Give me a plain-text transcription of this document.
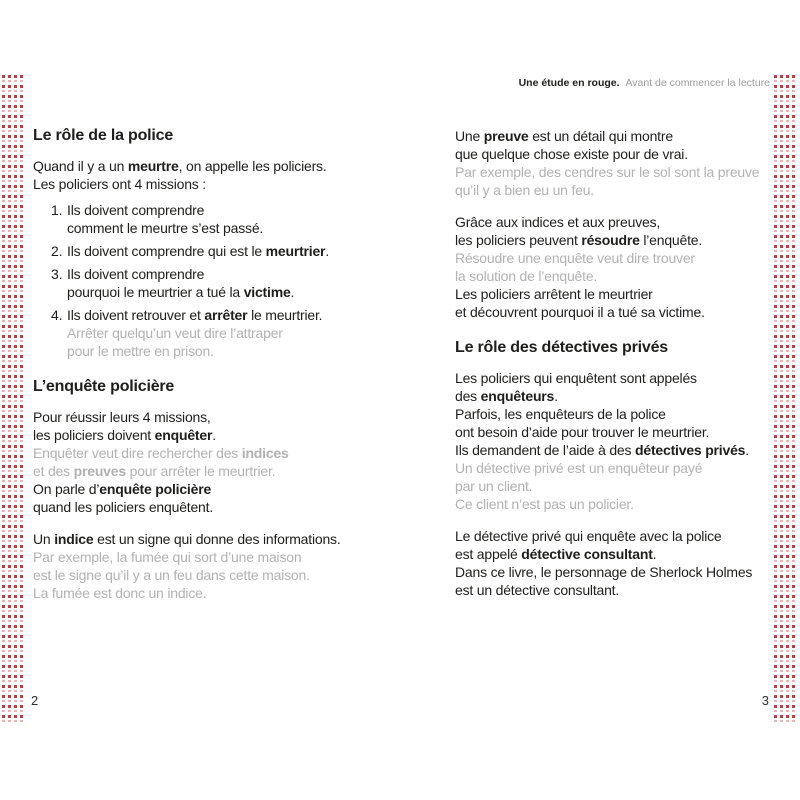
Une étude en rouge. Avant de commencer la lecture
Le rôle de la police
Quand il y a un meurtre, on appelle les policiers.
Les policiers ont 4 missions :
1. Ils doivent comprendre
comment le meurtre s’est passé.
2. Ils doivent comprendre qui est le meurtrier.
3. Ils doivent comprendre
pourquoi le meurtrier a tué la victime.
4. Ils doivent retrouver et arrêter le meurtrier.
Arrêter quelqu’un veut dire l’attraper
pour le mettre en prison.
L’enquête policière
Pour réussir leurs 4 missions,
les policiers doivent enquêter.
Enquêter veut dire rechercher des indices
et des preuves pour arrêter le meurtrier.
On parle d’enquête policière
quand les policiers enquêtent.
Un indice est un signe qui donne des informations.
Par exemple, la fumée qui sort d’une maison
est le signe qu’il y a un feu dans cette maison.
La fumée est donc un indice.
Une preuve est un détail qui montre
que quelque chose existe pour de vrai.
Par exemple, des cendres sur le sol sont la preuve
qu’il y a bien eu un feu.
Grâce aux indices et aux preuves,
les policiers peuvent résoudre l’enquête.
Résoudre une enquête veut dire trouver
la solution de l’enquête.
Les policiers arrêtent le meurtrier
et découvrent pourquoi il a tué sa victime.
Le rôle des détectives privés
Les policiers qui enquêtent sont appelés
des enquêteurs.
Parfois, les enquêteurs de la police
ont besoin d’aide pour trouver le meurtrier.
Ils demandent de l’aide à des détectives privés.
Un détective privé est un enquêteur payé
par un client.
Ce client n’est pas un policier.
Le détective privé qui enquête avec la police
est appelé détective consultant.
Dans ce livre, le personnage de Sherlock Holmes
est un détective consultant.
2	3
